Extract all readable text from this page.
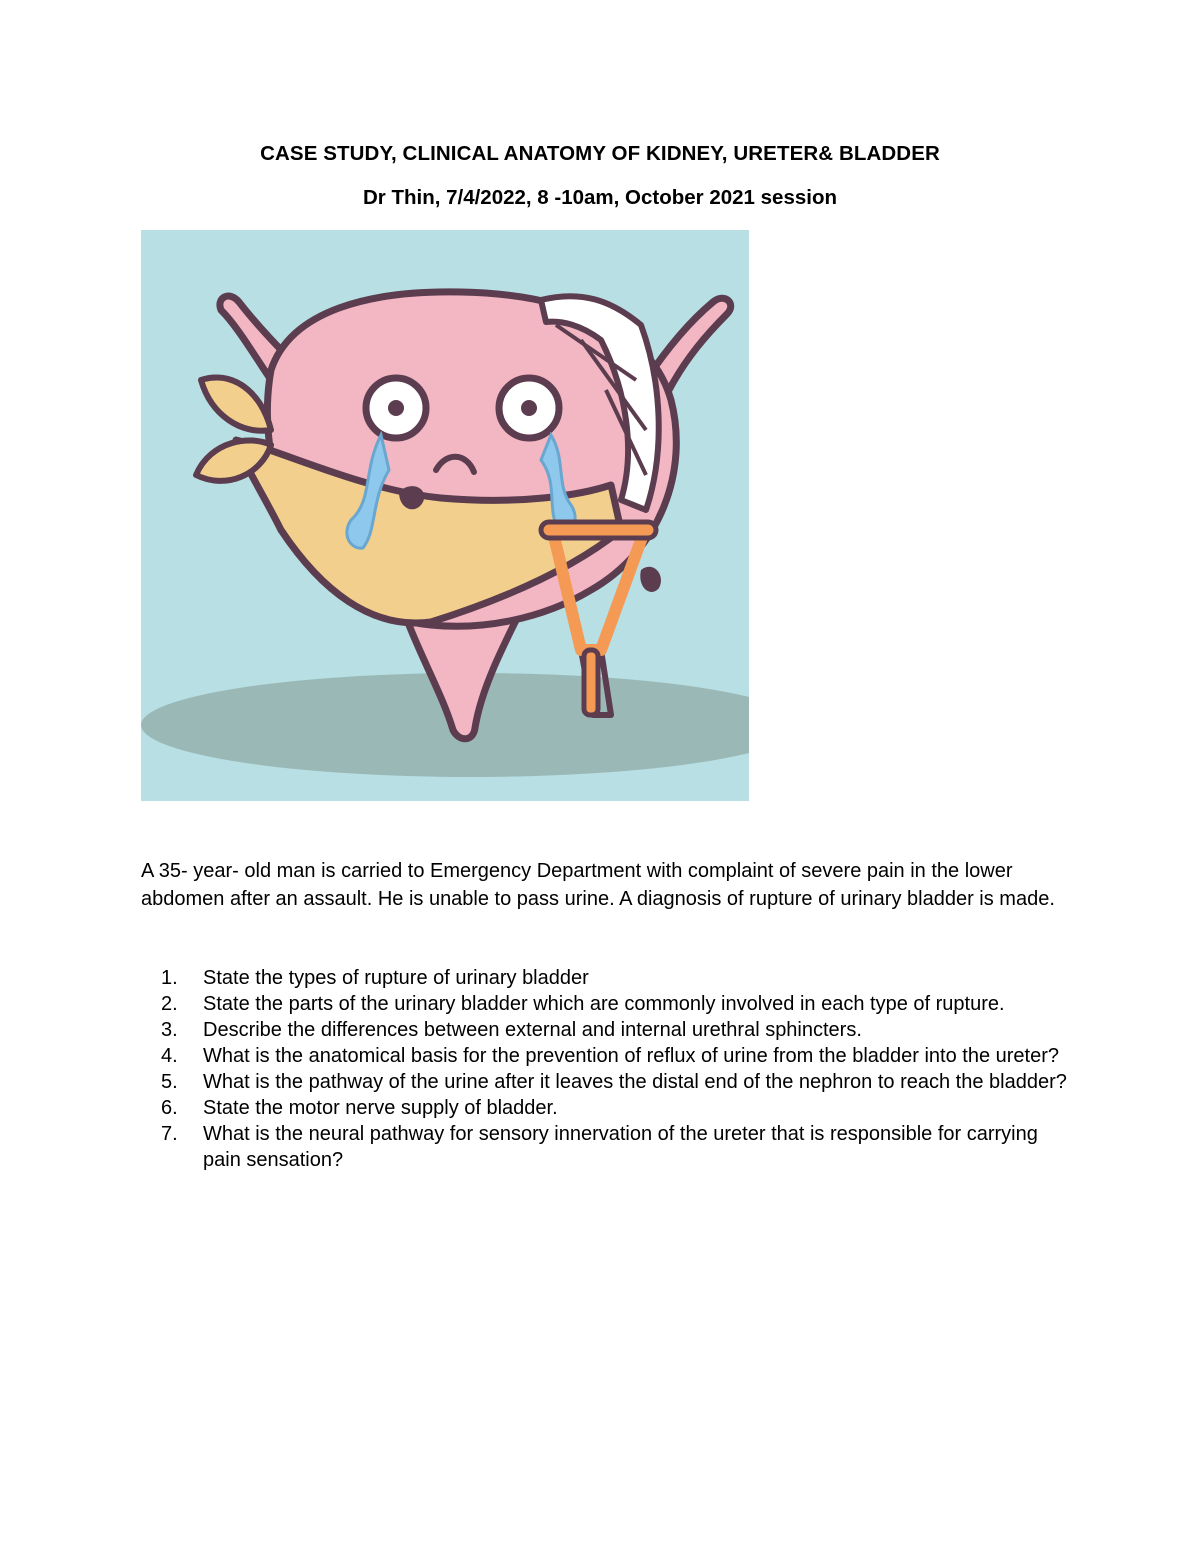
CASE STUDY, CLINICAL ANATOMY OF KIDNEY, URETER& BLADDER
Dr Thin, 7/4/2022, 8 -10am, October 2021 session

A 35- year- old man is carried to Emergency Department with complaint of severe pain in the lower abdomen after an assault. He is unable to pass urine. A diagnosis of rupture of urinary bladder is made.

1. State the types of rupture of urinary bladder
2. State the parts of the urinary bladder which are commonly involved in each type of rupture.
3. Describe the differences between external and internal urethral sphincters.
4. What is the anatomical basis for the prevention of reflux of urine from the bladder into the ureter?
5. What is the pathway of the urine after it leaves the distal end of the nephron to reach the bladder?
6. State the motor nerve supply of bladder.
7. What is the neural pathway for sensory innervation of the ureter that is responsible for carrying pain sensation?
